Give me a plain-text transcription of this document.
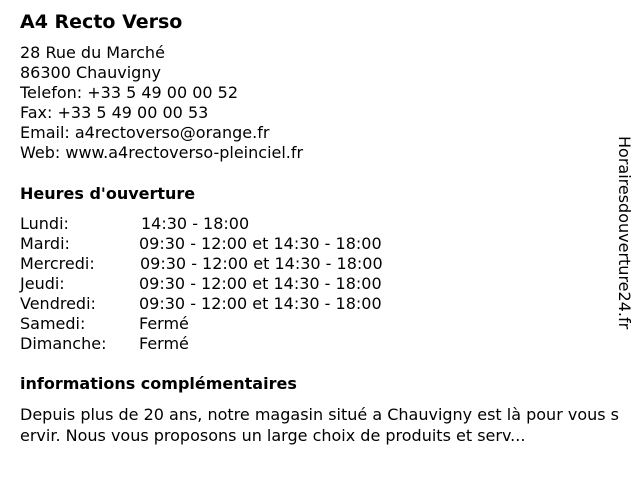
A4 Recto Verso
28 Rue du Marché
86300 Chauvigny
Telefon: +33 5 49 00 00 52
Fax: +33 5 49 00 00 53
Email: a4rectoverso@orange.fr
Web: www.a4rectoverso-pleinciel.fr
Heures d'ouverture
Lundi:	14:30 - 18:00
Mardi:	09:30 - 12:00 et 14:30 - 18:00
Mercredi:	09:30 - 12:00 et 14:30 - 18:00
Jeudi:	09:30 - 12:00 et 14:30 - 18:00
Vendredi:	09:30 - 12:00 et 14:30 - 18:00
Samedi:	Fermé
Dimanche: Fermé
informations complémentaires
Depuis plus de 20 ans, notre magasin situé a Chauvigny est là pour vous servir. Nous vous proposons un large choix de produits et serv...
Horairesdouverture24.fr
